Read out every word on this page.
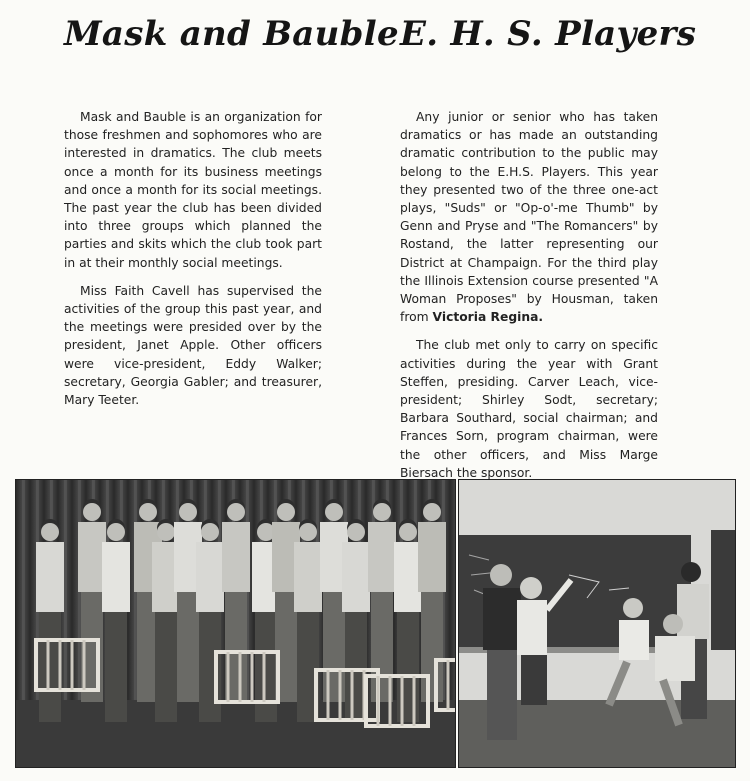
Mask and Bauble E. H. S. Players

Mask and Bauble is an organization for those freshmen and sophomores who are interested in dramatics. The club meets once a month for its business meetings and once a month for its social meetings. The past year the club has been divided into three groups which planned the parties and skits which the club took part in at their monthly social meetings.

Miss Faith Cavell has supervised the activities of the group this past year, and the meetings were presided over by the president, Janet Apple. Other officers were vice-president, Eddy Walker; secretary, Georgia Gabler; and treasurer, Mary Teeter.

Any junior or senior who has taken dramatics or has made an outstanding dramatic contribution to the public may belong to the E.H.S. Players. This year they presented two of the three one-act plays, "Suds" or "Op-o'-me Thumb" by Genn and Pryse and "The Romancers" by Rostand, the latter representing our District at Champaign. For the third play the Illinois Extension course presented "A Woman Proposes" by Housman, taken from Victoria Regina.

The club met only to carry on specific activities during the year with Grant Steffen, presiding. Carver Leach, vice-president; Shirley Sodt, secretary; Barbara Southard, social chairman; and Frances Sorn, program chairman, were the other officers, and Miss Marge Biersach the sponsor.
